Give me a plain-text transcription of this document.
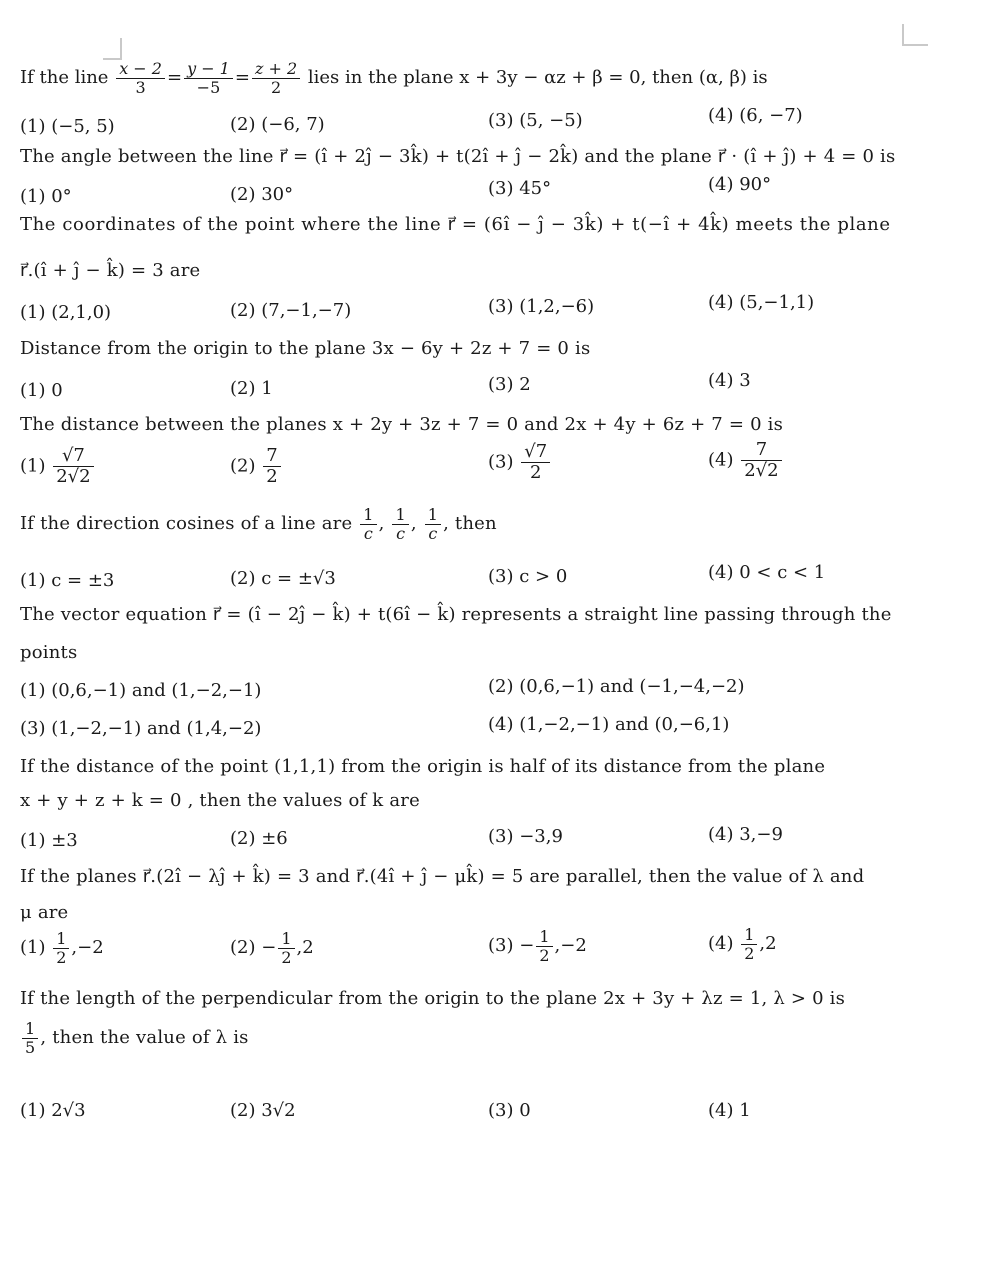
If the line $\frac{x - 2}{3} = \frac{y - 1}{-5} = \frac{z + 2}{2}$ lies in the plane x + 3y − αz + β = 0, then (α, β) is
(1) (−5, 5)	(2) (−6, 7)	(3) (5, −5)	(4) (6, −7)
The angle between the line r⃗ = (î + 2ĵ − 3k̂) + t(2î + ĵ − 2k̂) and the plane r⃗ · (î + ĵ) + 4 = 0 is
(1) 0°	(2) 30°	(3) 45°	(4) 90°
The coordinates of the point where the line r⃗ = (6î − ĵ − 3k̂) + t(−î + 4k̂) meets the plane
r⃗.(î + ĵ − k̂) = 3 are
(1) (2,1,0)	(2) (7,−1,−7)	(3) (1,2,−6)	(4) (5,−1,1)
Distance from the origin to the plane 3x − 6y + 2z + 7 = 0 is
(1) 0	(2) 1	(3) 2	(4) 3
The distance between the planes x + 2y + 3z + 7 = 0 and 2x + 4y + 6z + 7 = 0 is
$(1) \frac{√7}{2√2}$	$(2) \frac{7}{2}$	$(3) \frac{√7}{2}$	$(4) \frac{7}{2√2}$
If the direction cosines of a line are $\frac{1}{c}$ , $\frac{1}{c}$ , $\frac{1}{c}$ , then
(1) c = ±3	(2) c = ±√3	(3) c > 0	(4) 0 < c < 1
The vector equation r⃗ = (î − 2ĵ − k̂) + t(6î − k̂) represents a straight line passing through the
points
(1) (0,6,−1) and (1,−2,−1)	(2) (0,6,−1) and (−1,−4,−2)
(3) (1,−2,−1) and (1,4,−2)	(4) (1,−2,−1) and (0,−6,1)
If the distance of the point (1,1,1) from the origin is half of its distance from the plane
x + y + z + k = 0 , then the values of k are
(1) ±3	(2) ±6	(3) −3,9	(4) 3,−9
If the planes r⃗.(2î − λĵ + k̂) = 3 and r⃗.(4î + ĵ − μk̂) = 5 are parallel, then the value of λ and
μ are
$(1) \frac{1}{2} ,-2$	$(2) - \frac{1}{2} ,2$	$(3) - \frac{1}{2} ,-2$	$(4) \frac{1}{2} ,2$
If the length of the perpendicular from the origin to the plane 2x + 3y + λz = 1, λ > 0 is
$\frac{1}{5}$ , then the value of λ is
(1) 2√3	(2) 3√2	(3) 0	(4) 1
